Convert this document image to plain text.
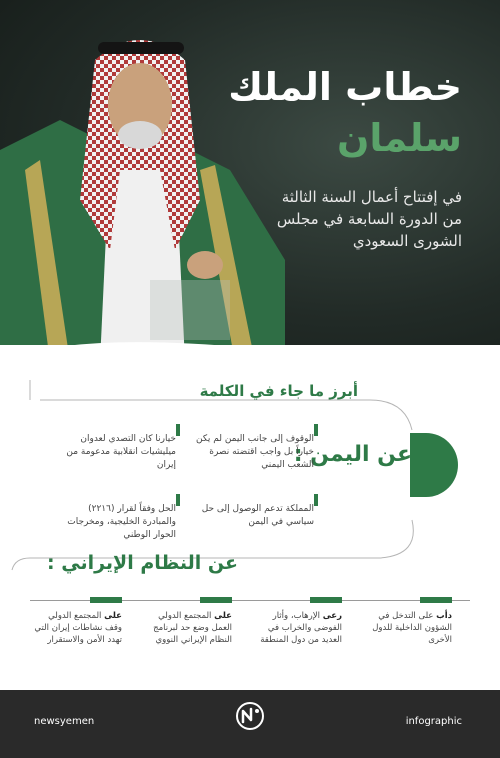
خطاب الملك
سلمان
في إفتتاح أعمال السنة الثالثة من الدورة السابعة في مجلس الشورى السعودي
أبرز ما جاء في الكلمة
عن اليمن :
الوقوف إلى جانب اليمن لم يكن خياراً بل واجب اقتضته نصرة الشعب اليمني
خيارنا كان التصدي لعدوان ميليشيات انقلابية مدعومة من إيران
المملكة تدعم الوصول إلى حل سياسي في اليمن
الحل وفقاً لقرار (٢٢١٦) والمبادرة الخليجية، ومخرجات الحوار الوطني
عن النظام الإيراني :
دأب على التدخل في الشؤون الداخلية للدول الأخرى
رعى الإرهاب، وأثار الفوضى والخراب في العديد من دول المنطقة
على المجتمع الدولي العمل وضع حد لبرنامج النظام الإيراني النووي
على المجتمع الدولي وقف نشاطات إيران التي تهدد الأمن والاستقرار
newsyemen	infographic
